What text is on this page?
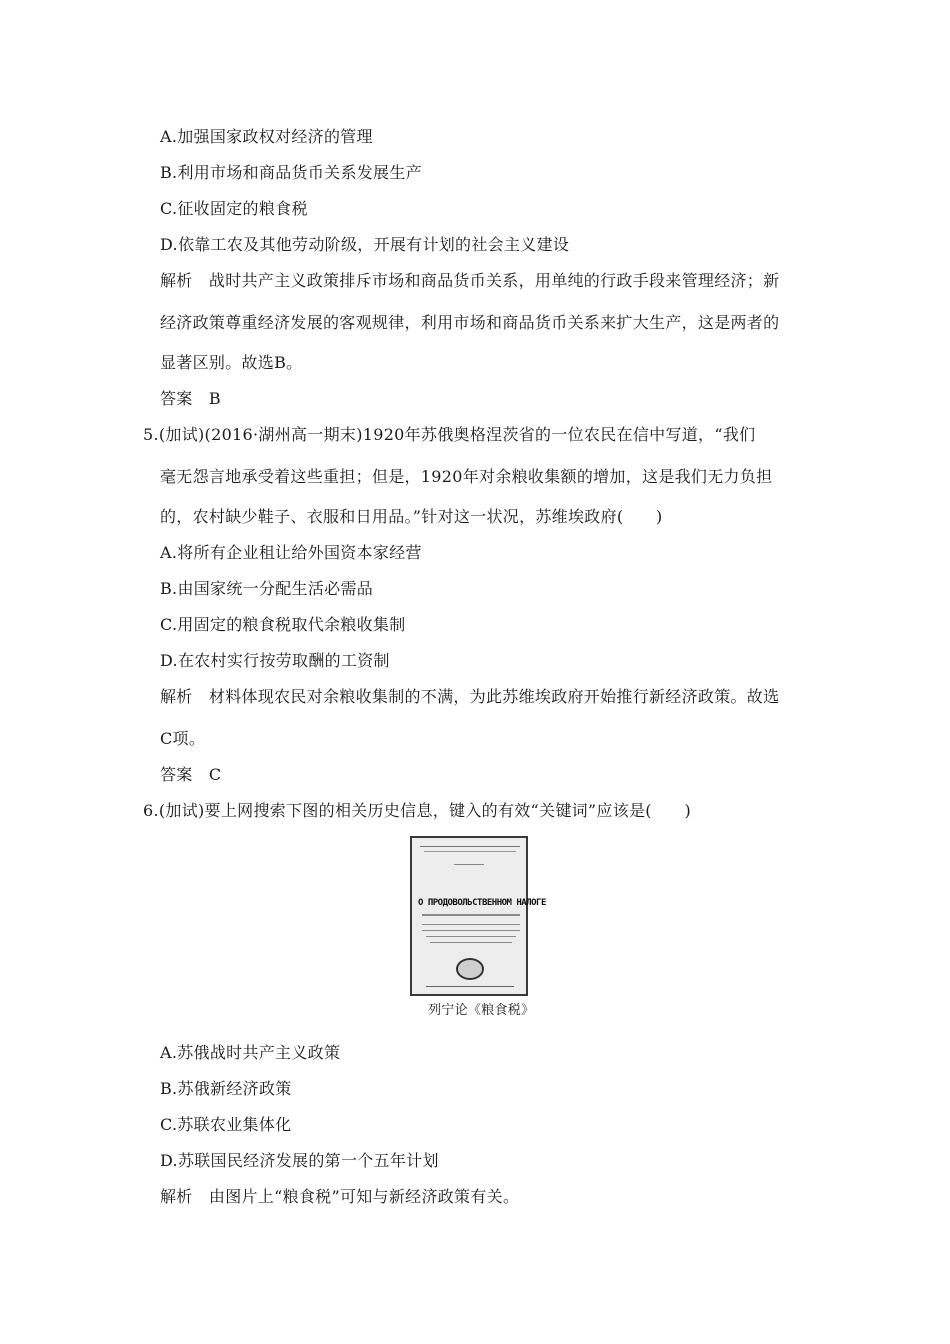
A.加强国家政权对经济的管理
B.利用市场和商品货币关系发展生产
C.征收固定的粮食税
D.依靠工农及其他劳动阶级，开展有计划的社会主义建设
解析　战时共产主义政策排斥市场和商品货币关系，用单纯的行政手段来管理经济；新
经济政策尊重经济发展的客观规律，利用市场和商品货币关系来扩大生产，这是两者的
显著区别。故选B。
答案　B
5.(加试)(2016·湖州高一期末)1920年苏俄奥格涅茨省的一位农民在信中写道，“我们
毫无怨言地承受着这些重担；但是，1920年对余粮收集额的增加，这是我们无力负担
的，农村缺少鞋子、衣服和日用品。”针对这一状况，苏维埃政府(　　)
A.将所有企业租让给外国资本家经营
B.由国家统一分配生活必需品
C.用固定的粮食税取代余粮收集制
D.在农村实行按劳取酬的工资制
解析　材料体现农民对余粮收集制的不满，为此苏维埃政府开始推行新经济政策。故选
C项。
答案　C
6.(加试)要上网搜索下图的相关历史信息，键入的有效“关键词”应该是(　　)
О ПРОДОВОЛЬСТВЕННОМ НАЛОГЕ
列宁论《粮食税》
A.苏俄战时共产主义政策
B.苏俄新经济政策
C.苏联农业集体化
D.苏联国民经济发展的第一个五年计划
解析　由图片上“粮食税”可知与新经济政策有关。
